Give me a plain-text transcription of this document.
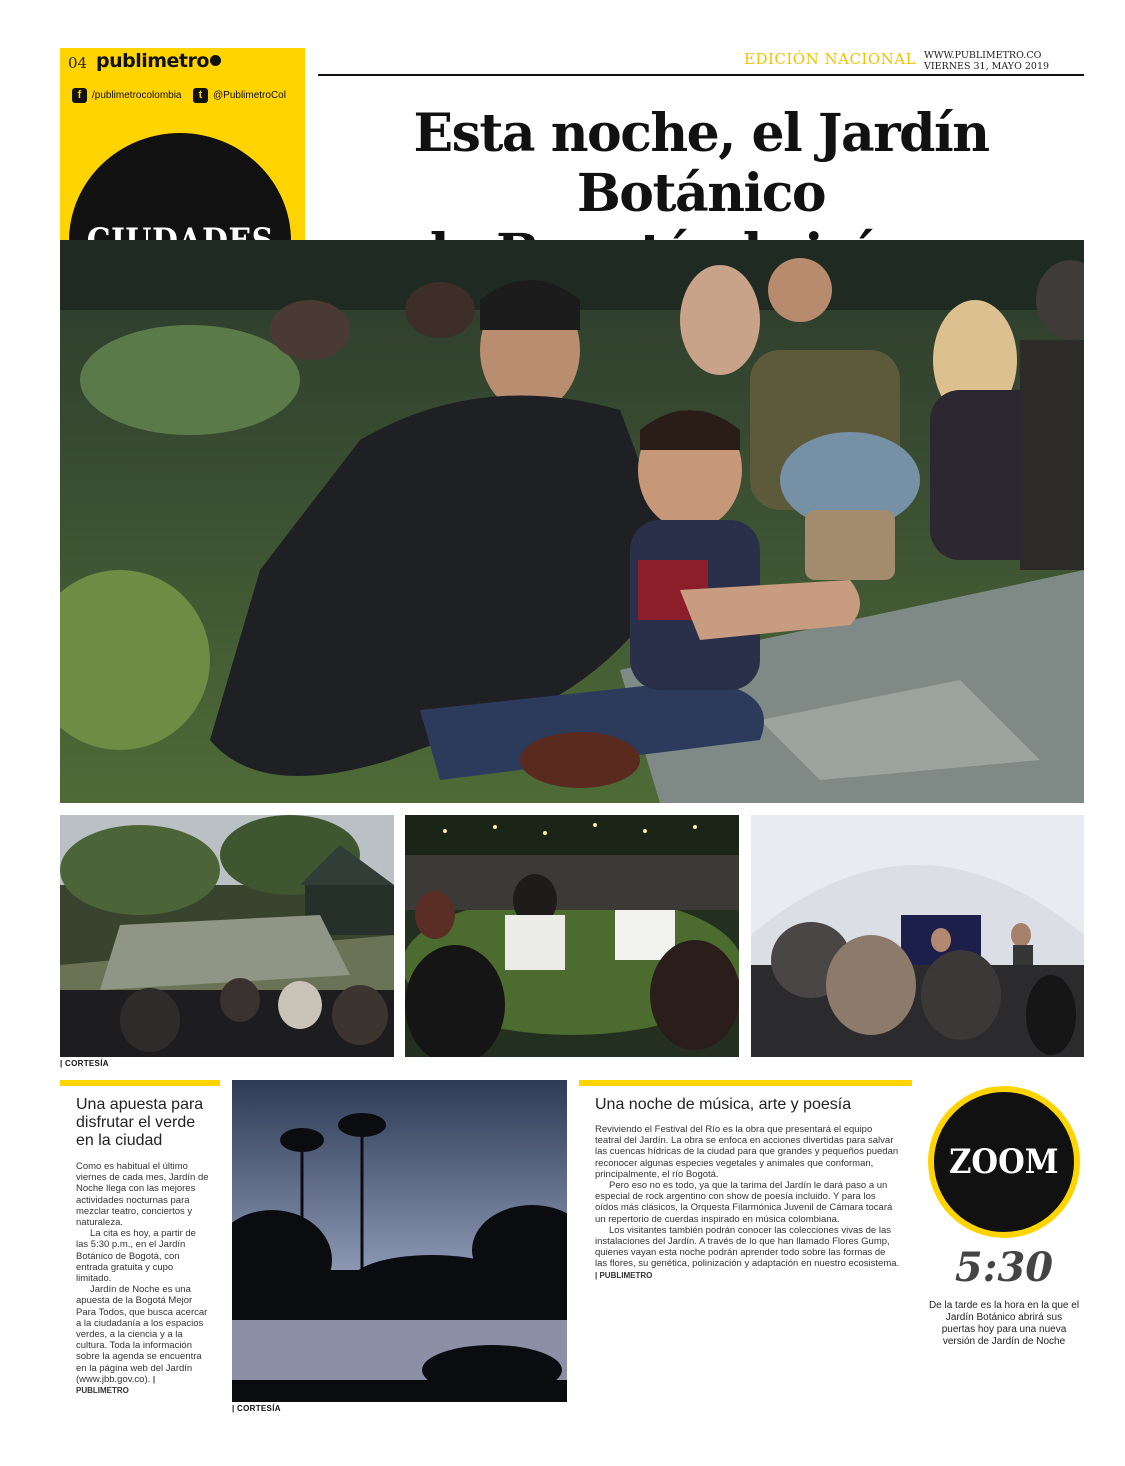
04 publimetro
f	/publimetrocolombia	t	@PublimetroCol
EDICIÓN NACIONAL WWW.PUBLIMETRO.CO
VIERNES 31, MAYO 2019
Esta noche, el Jardín Botánico

| CORTESÍA
Una apuesta para disfrutar el verde en la ciudad

Como es habitual el último viernes de cada mes, Jardín de Noche llega con las mejores actividades nocturnas para mezclar teatro, conciertos y naturaleza.

La cita es hoy, a partir de las 5:30 p.m., en el Jardín Botánico de Bogotá, con entrada gratuita y cupo limitado.

Jardín de Noche es una apuesta de la Bogotá Mejor Para Todos, que busca acercar a la ciudadanía a los espacios verdes, a la ciencia y a la cultura. Toda la información sobre la agenda se encuentra en la página web del Jardín (www.jbb.gov.co). | PUBLIMETRO

| CORTESÍA
Una noche de música, arte y poesía

Reviviendo el Festival del Río es la obra que presentará el equipo teatral del Jardín. La obra se enfoca en acciones divertidas para salvar las cuencas hídricas de la ciudad para que grandes y pequeños puedan reconocer algunas especies vegetales y animales que conforman, principalmente, el río Bogotá.

Pero eso no es todo, ya que la tarima del Jardín le dará paso a un especial de rock argentino con show de poesía incluido. Y para los oídos más clásicos, la Orquesta Filarmónica Juvenil de Cámara tocará un repertorio de cuerdas inspirado en música colombiana.

Los visitantes también podrán conocer las colecciones vivas de las instalaciones del Jardín. A través de lo que han llamado Flores Gump, quienes vayan esta noche podrán aprender todo sobre las formas de las flores, su genética, polinización y adaptación en nuestro ecosistema.

| PUBLIMETRO

ZOOM
5:30

De la tarde es la hora en la que el Jardín Botánico abrirá sus puertas hoy para una nueva versión de Jardín de Noche
